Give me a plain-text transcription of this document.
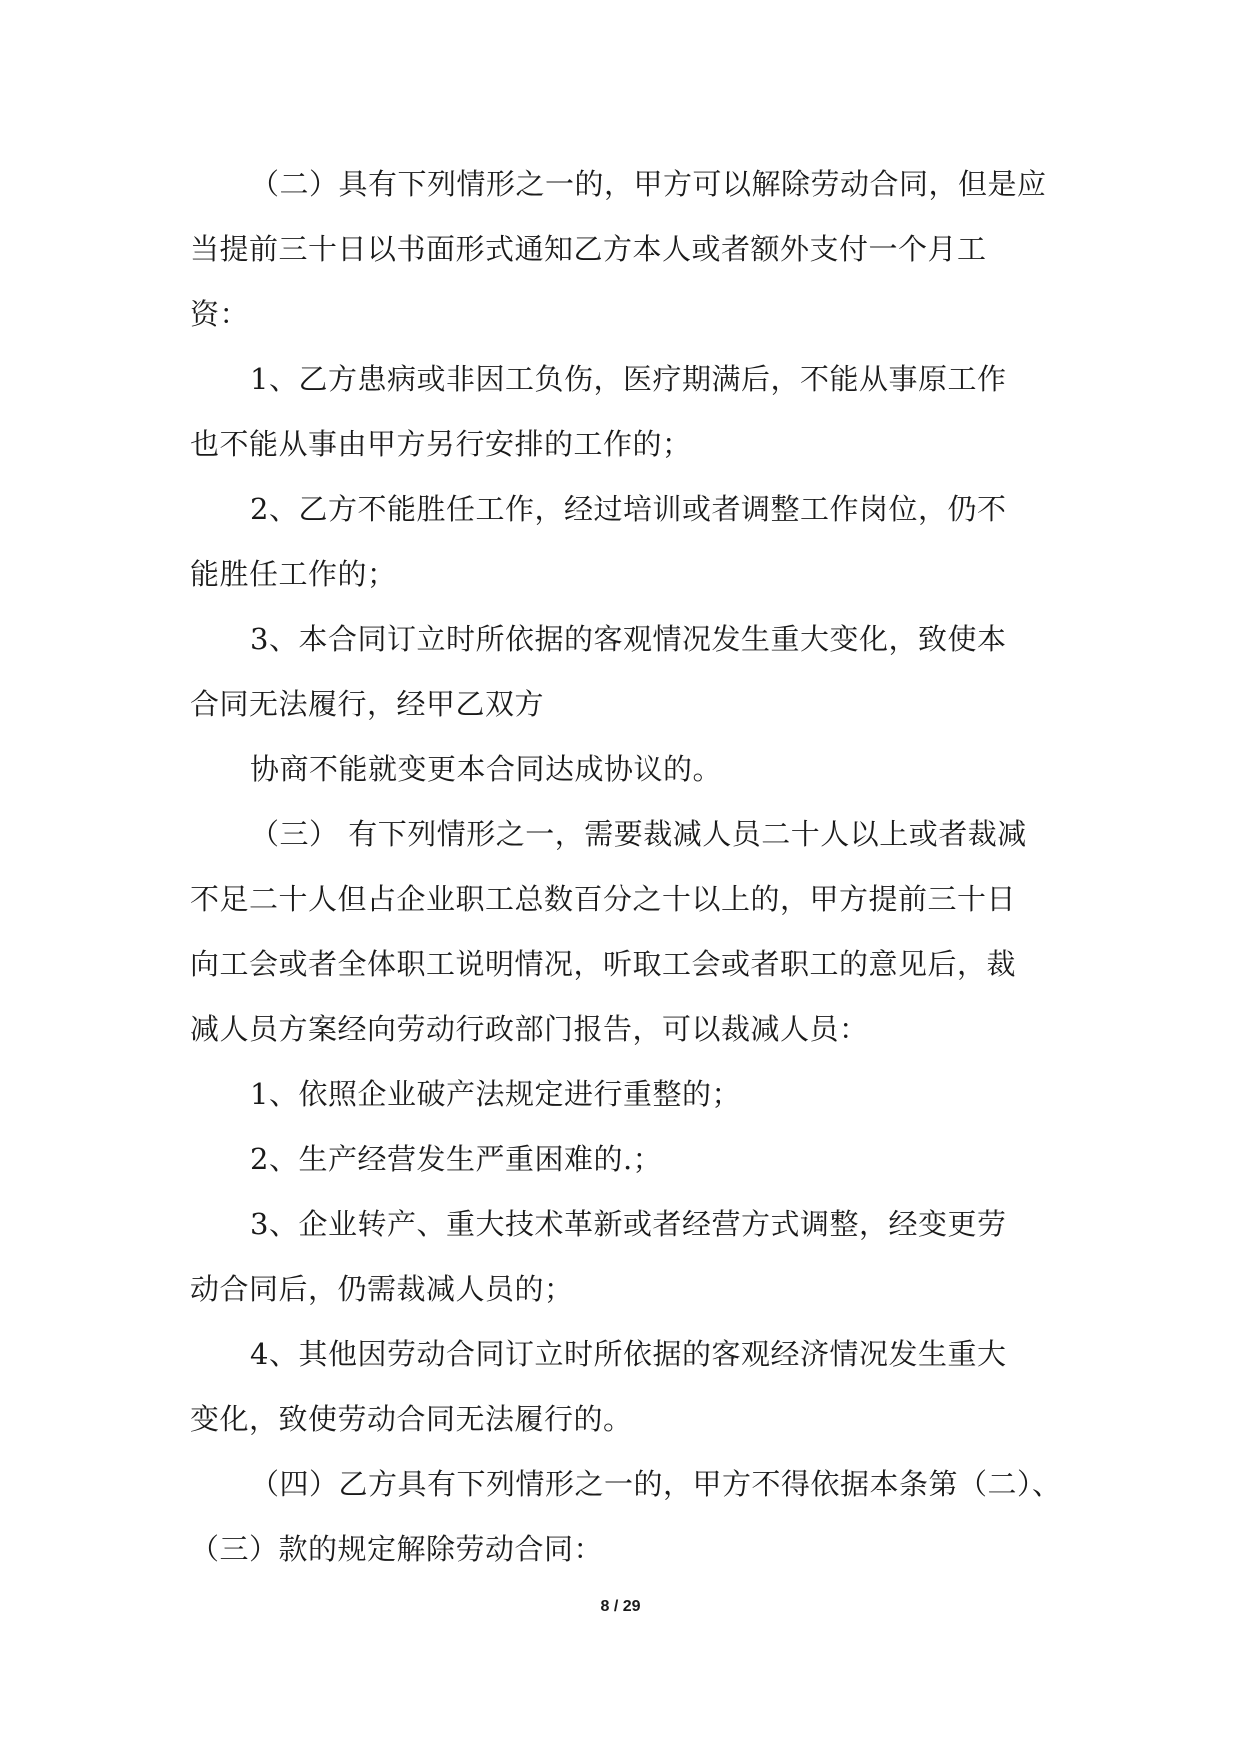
（二）具有下列情形之一的，甲方可以解除劳动合同，但是应
当提前三十日以书面形式通知乙方本人或者额外支付一个月工
资：
1、乙方患病或非因工负伤，医疗期满后，不能从事原工作
也不能从事由甲方另行安排的工作的；
2、乙方不能胜任工作，经过培训或者调整工作岗位，仍不
能胜任工作的；
3、本合同订立时所依据的客观情况发生重大变化，致使本
合同无法履行，经甲乙双方
协商不能就变更本合同达成协议的。
（三） 有下列情形之一，需要裁减人员二十人以上或者裁减
不足二十人但占企业职工总数百分之十以上的，甲方提前三十日
向工会或者全体职工说明情况，听取工会或者职工的意见后，裁
减人员方案经向劳动行政部门报告，可以裁减人员：
1、依照企业破产法规定进行重整的；
2、生产经营发生严重困难的.；
3、企业转产、重大技术革新或者经营方式调整，经变更劳
动合同后，仍需裁减人员的；
4、其他因劳动合同订立时所依据的客观经济情况发生重大
变化，致使劳动合同无法履行的。
（四）乙方具有下列情形之一的，甲方不得依据本条第（二）、
（三）款的规定解除劳动合同：
8 / 29
